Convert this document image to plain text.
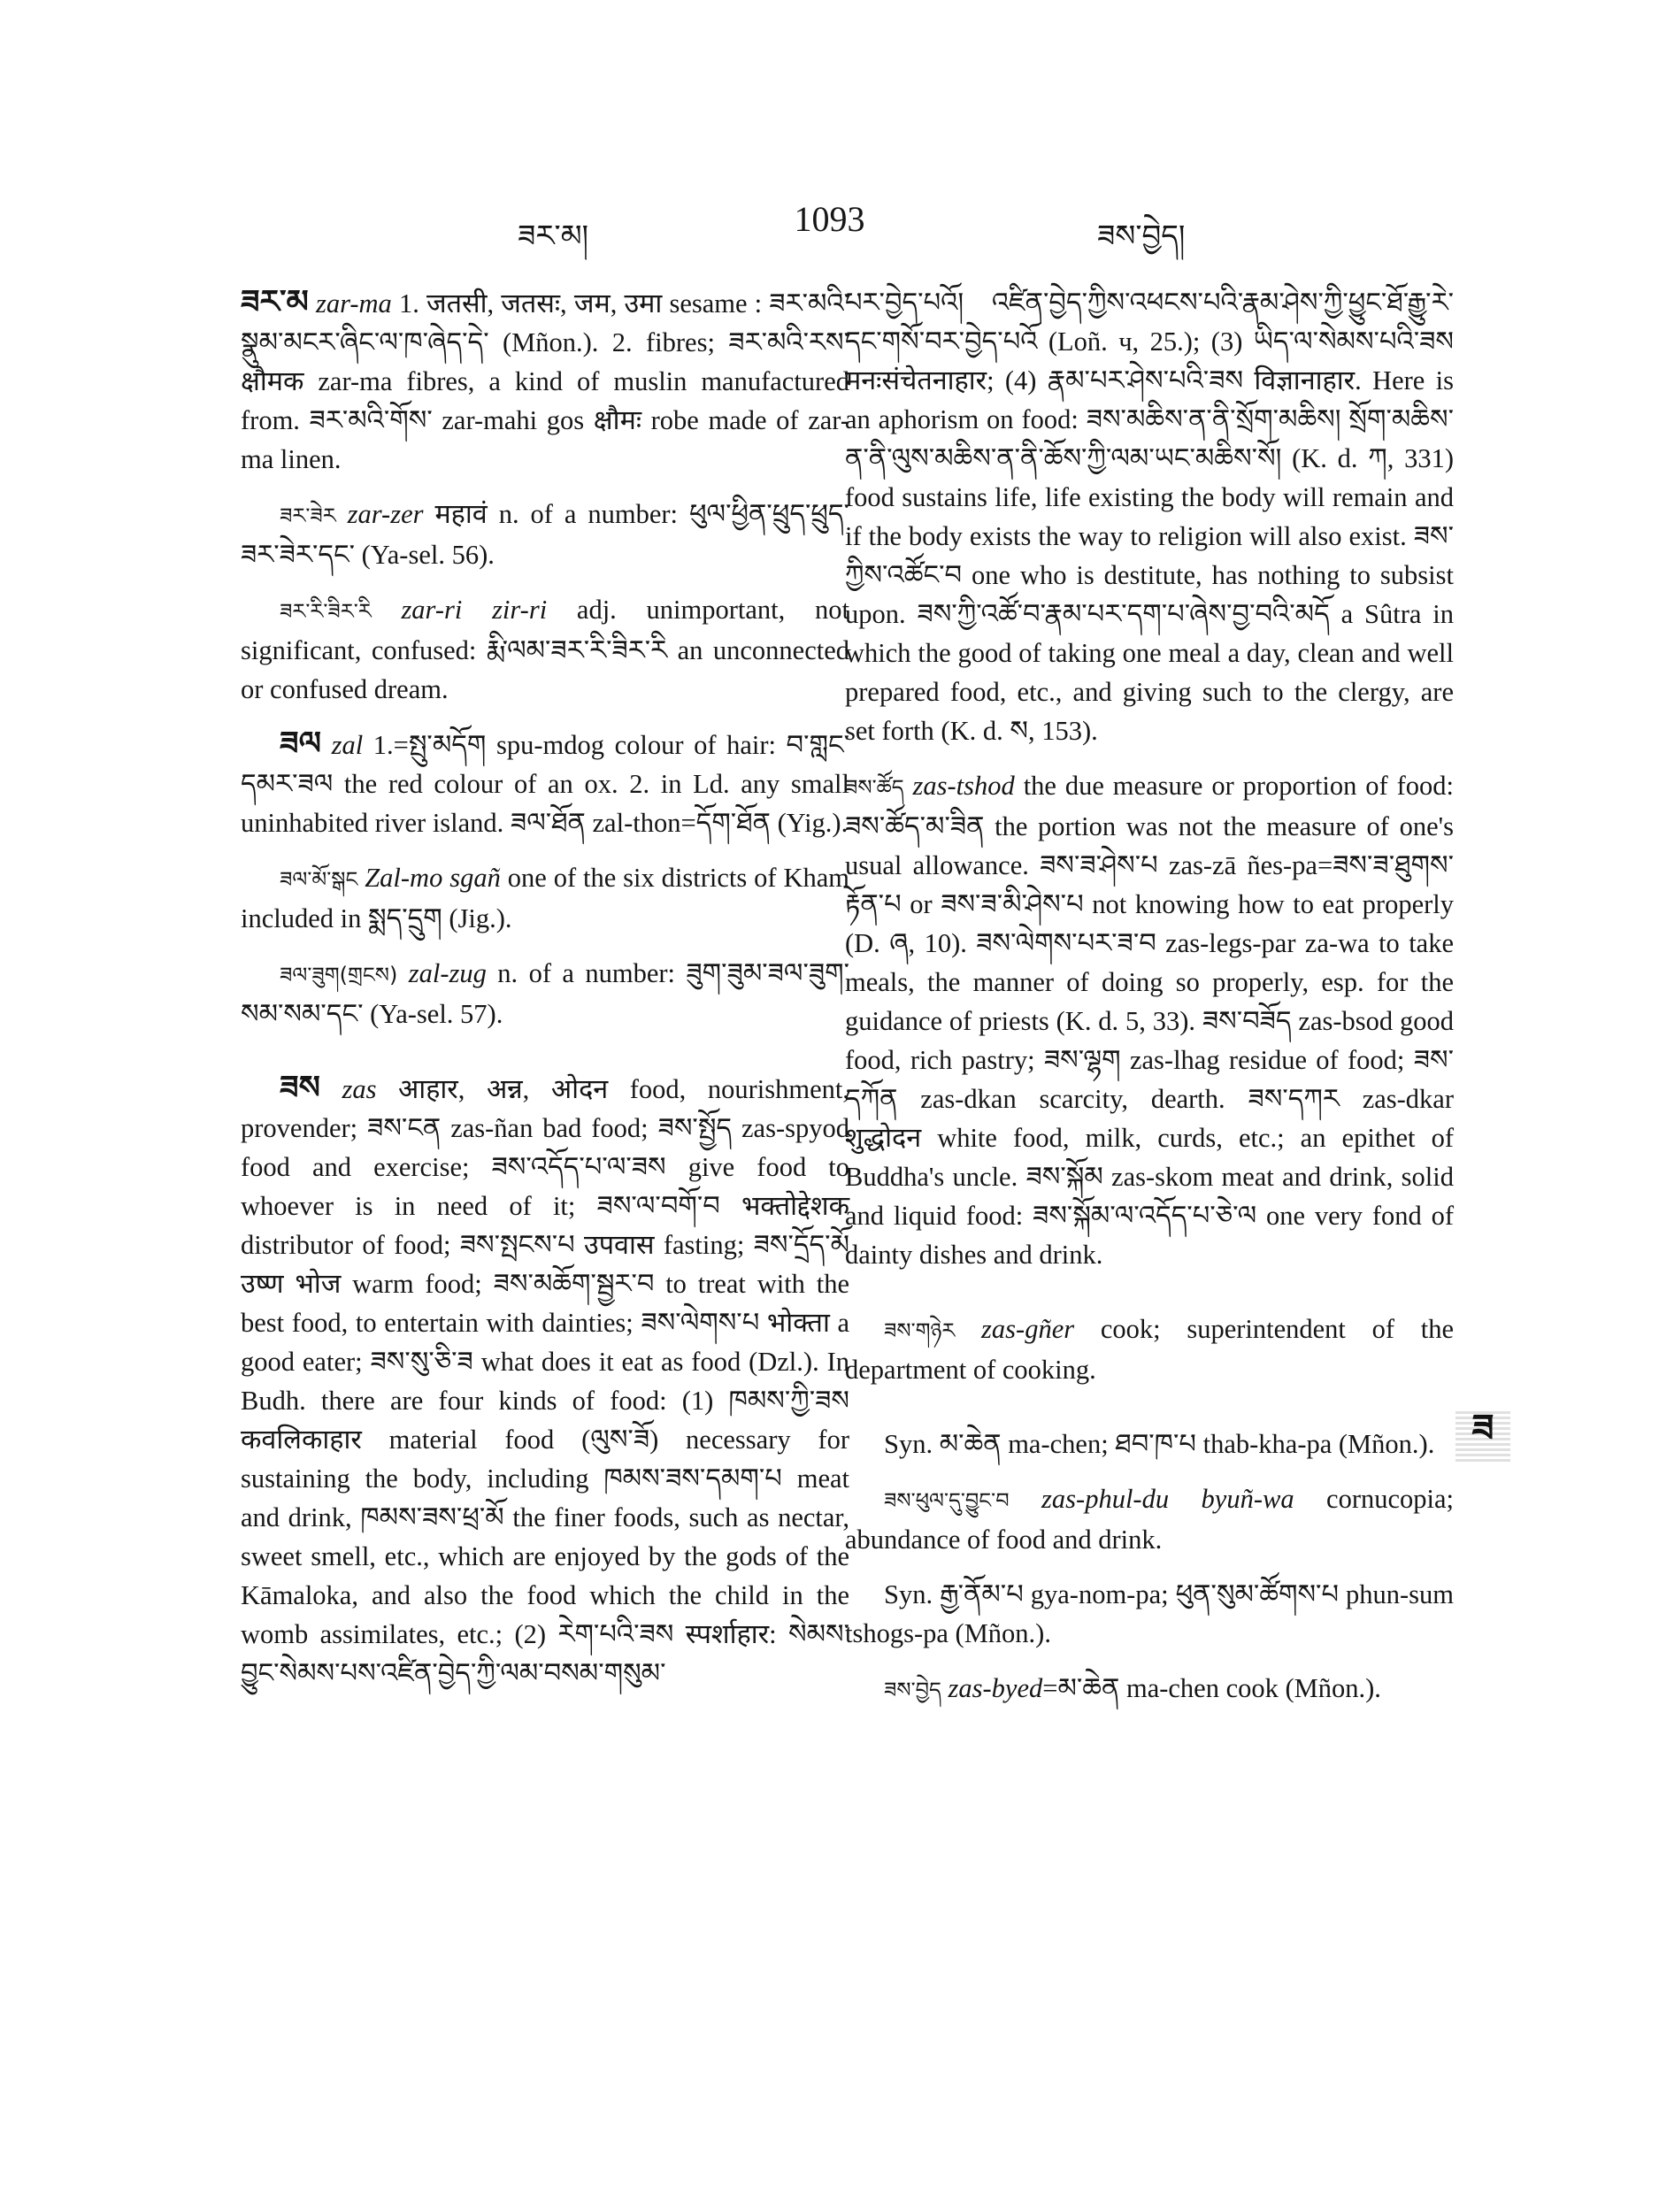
ཟར་མ།	1093	ཟས་བྱེད།

ཟར་མ zar-ma 1. जतसी, जतसः, जम, उमा sesame : ཟར་མའི་སྣུམ་མངར་ཞིང་ལ་ཁ་ཞེད་དེ་ (Mñon.). 2. fibres; ཟར་མའི་རས་ क्षौमक zar-ma fibres, a kind of muslin manufactured from. ཟར་མའི་གོས་ zar-mahi gos क्षौमः robe made of zar-ma linen.

ཟར་ཟེར zar-zer महावं n. of a number: ཕུལ་ཕྱིན་ཕྲུད་ཕྲུད་ཟར་ཟེར་དང་ (Ya-sel. 56).

ཟར་རི་ཟིར་རི zar-ri zir-ri adj. unimportant, not significant, confused: རྨི་ལམ་ཟར་རི་ཟིར་རི an unconnected or confused dream.

ཟལ zal 1.=སྤུ་མདོག spu-mdog colour of hair: བ་གླང་དམར་ཟལ the red colour of an ox. 2. in Ld. any small uninhabited river island. ཟལ་ཐོན zal-thon=དོག་ཐོན (Yig.).

ཟལ་མོ་སྒང Zal-mo sgañ one of the six districts of Kham included in སྨད་དྲུག (Jig.).

ཟལ་ཟུག(གྲངས) zal-zug n. of a number: ཟུག་ཟུམ་ཟལ་ཟུག་སམ་སམ་དང་ (Ya-sel. 57).

ཟས zas आहार, अन्न, ओदन food, nourishment, provender; ཟས་ངན zas-ñan bad food; ཟས་སྤྱོད zas-spyod food and exercise; ཟས་འདོད་པ་ལ་ཟས give food to whoever is in need of it; ཟས་ལ་བགོ་བ भक्तोद्देशक distributor of food; ཟས་སྤངས་པ उपवास fasting; ཟས་དྲོད་མོ उष्ण भोज warm food; ཟས་མཆོག་སྦྱར་བ to treat with the best food, to entertain with dainties; ཟས་ལེགས་པ भोक्ता a good eater; ཟས་སུ་ཅི་ཟ what does it eat as food (Dzl.). In Budh. there are four kinds of food: (1) ཁམས་ཀྱི་ཟས कवलिकाहार material food (ལུས་ཟོ) necessary for sustaining the body, including ཁམས་ཟས་དམག་པ meat and drink, ཁམས་ཟས་ཕྲ་མོ the finer foods, such as nectar, sweet smell, etc., which are enjoyed by the gods of the Kāmaloka, and also the food which the child in the womb assimilates, etc.; (2) རེག་པའི་ཟས स्पर्शाहार: སེམས་བྱུང་སེམས་པས་འཛིན་བྱེད་ཀྱི་ལམ་བསམ་གསུམ་

པར་བྱེད་པའོ། འཛིན་བྱེད་ཀྱིས་འཕངས་པའི་རྣམ་ཤེས་ཀྱི་ཕྱུང་ཐོ་རྒྱུ་རེ་དང་གསོ་བར་བྱེད་པའོ (Loñ. ч, 25.); (3) ཡིད་ལ་སེམས་པའི་ཟས मनःसंचेतनाहार; (4) རྣམ་པར་ཤེས་པའི་ཟས विज्ञानाहार. Here is an aphorism on food: ཟས་མཆིས་ན་ནི་སྲོག་མཆིས། སྲོག་མཆིས་ན་ནི་ལུས་མཆིས་ན་ནི་ཆོས་ཀྱི་ལམ་ཡང་མཆིས་སོ། (K. d. ཀ, 331) food sustains life, life existing the body will remain and if the body exists the way to religion will also exist. ཟས་ཀྱིས་འཚོང་བ one who is destitute, has nothing to subsist upon. ཟས་ཀྱི་འཚོ་བ་རྣམ་པར་དག་པ་ཞེས་བྱ་བའི་མདོ a Sûtra in which the good of taking one meal a day, clean and well prepared food, etc., and giving such to the clergy, are set forth (K. d. ས, 153).

ཟས་ཚོད zas-tshod the due measure or proportion of food: ཟས་ཚོད་མ་ཟིན the portion was not the measure of one's usual allowance. ཟས་ཟ་ཤེས་པ zas-zā ñes-pa=ཟས་ཟ་ཐུགས་རྟོན་པ or ཟས་ཟ་མི་ཤེས་པ not knowing how to eat properly (D. ཞ, 10). ཟས་ལེགས་པར་ཟ་བ zas-legs-par za-wa to take meals, the manner of doing so properly, esp. for the guidance of priests (K. d. 5, 33). ཟས་བཟོད zas-bsod good food, rich pastry; ཟས་ལྷག zas-lhag residue of food; ཟས་དཀོན zas-dkan scarcity, dearth. ཟས་དཀར zas-dkar शुद्धोदन white food, milk, curds, etc.; an epithet of Buddha's uncle. ཟས་སྐོམ zas-skom meat and drink, solid and liquid food: ཟས་སྐོམ་ལ་འདོད་པ་ཅེ་ལ one very fond of dainty dishes and drink.

ཟས་གཉེར zas-gñer cook; superintendent of the department of cooking.

Syn. མ་ཆེན ma-chen; ཐབ་ཁ་པ thab-kha-pa (Mñon.).

ཟས་ཕུལ་དུ་བྱུང་བ zas-phul-du byuñ-wa cornucopia; abundance of food and drink.

Syn. རྒྱ་ནོམ་པ gya-nom-pa; ཕུན་སུམ་ཚོགས་པ phun-sum tshogs-pa (Mñon.).

ཟས་བྱེད zas-byed=མ་ཆེན ma-chen cook (Mñon.).

ཟ
